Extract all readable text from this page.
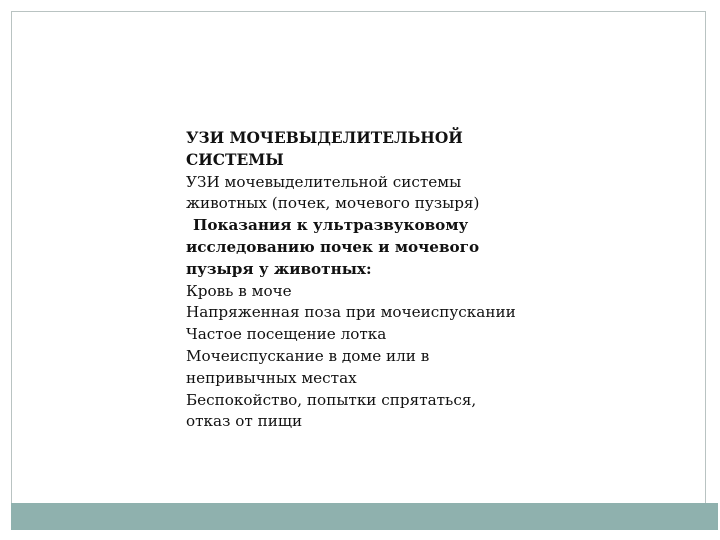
УЗИ МОЧЕВЫДЕЛИТЕЛЬНОЙ
СИСТЕМЫ
УЗИ мочевыделительной системы
животных (почек, мочевого пузыря)
Показания к ультразвуковому
исследованию почек и мочевого
пузыря у животных:
Кровь в моче
Напряженная поза при мочеиспускании
Частое посещение лотка
Мочеиспускание в доме или в
непривычных местах
Беспокойство, попытки спрятаться,
отказ от пищи
